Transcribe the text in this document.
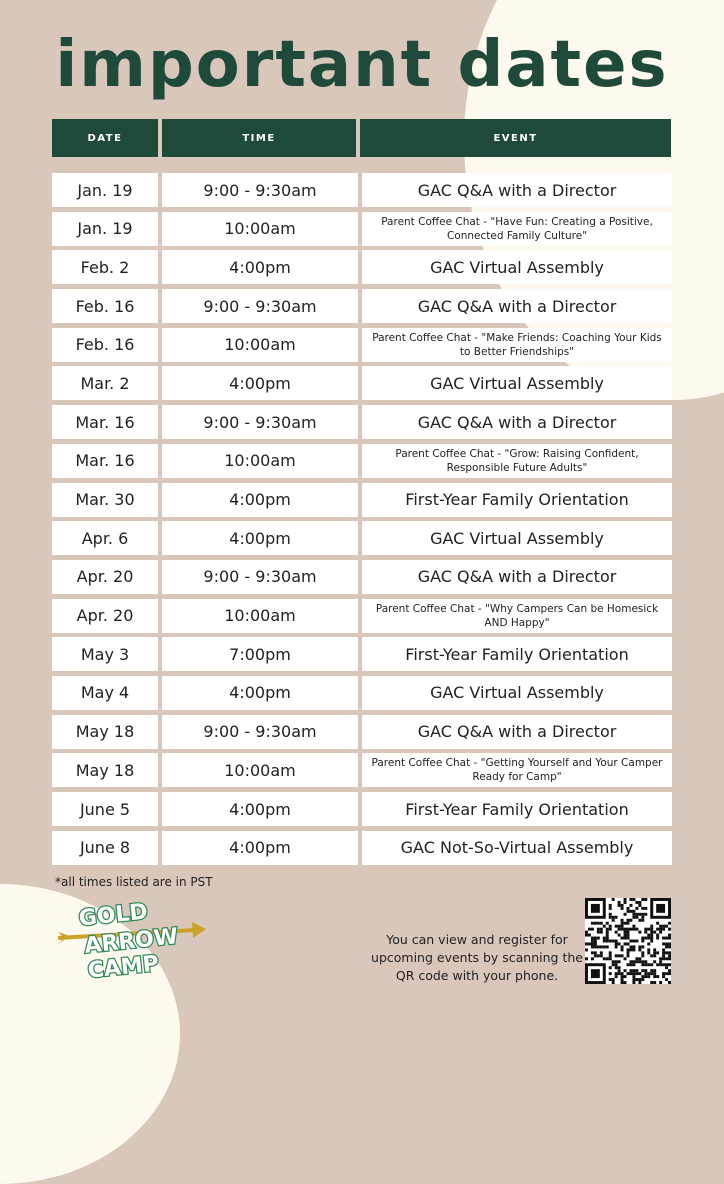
important dates
DATE	TIME	EVENT
Jan. 19	9:00 - 9:30am	GAC Q&A with a Director
Jan. 19	10:00am	Parent Coffee Chat - "Have Fun: Creating a Positive, Connected Family Culture"
Feb. 2	4:00pm	GAC Virtual Assembly
Feb. 16	9:00 - 9:30am	GAC Q&A with a Director
Feb. 16	10:00am	Parent Coffee Chat - "Make Friends: Coaching Your Kids to Better Friendships"
Mar. 2	4:00pm	GAC Virtual Assembly
Mar. 16	9:00 - 9:30am	GAC Q&A with a Director
Mar. 16	10:00am	Parent Coffee Chat - "Grow: Raising Confident, Responsible Future Adults"
Mar. 30	4:00pm	First-Year Family Orientation
Apr. 6	4:00pm	GAC Virtual Assembly
Apr. 20	9:00 - 9:30am	GAC Q&A with a Director
Apr. 20	10:00am	Parent Coffee Chat - "Why Campers Can be Homesick AND Happy"
May 3	7:00pm	First-Year Family Orientation
May 4	4:00pm	GAC Virtual Assembly
May 18	9:00 - 9:30am	GAC Q&A with a Director
May 18	10:00am	Parent Coffee Chat - "Getting Yourself and Your Camper Ready for Camp"
June 5	4:00pm	First-Year Family Orientation
June 8	4:00pm	GAC Not-So-Virtual Assembly
*all times listed are in PST
GOLD
ARROW
CAMP
You can view and register for upcoming events by scanning the QR code with your phone.
